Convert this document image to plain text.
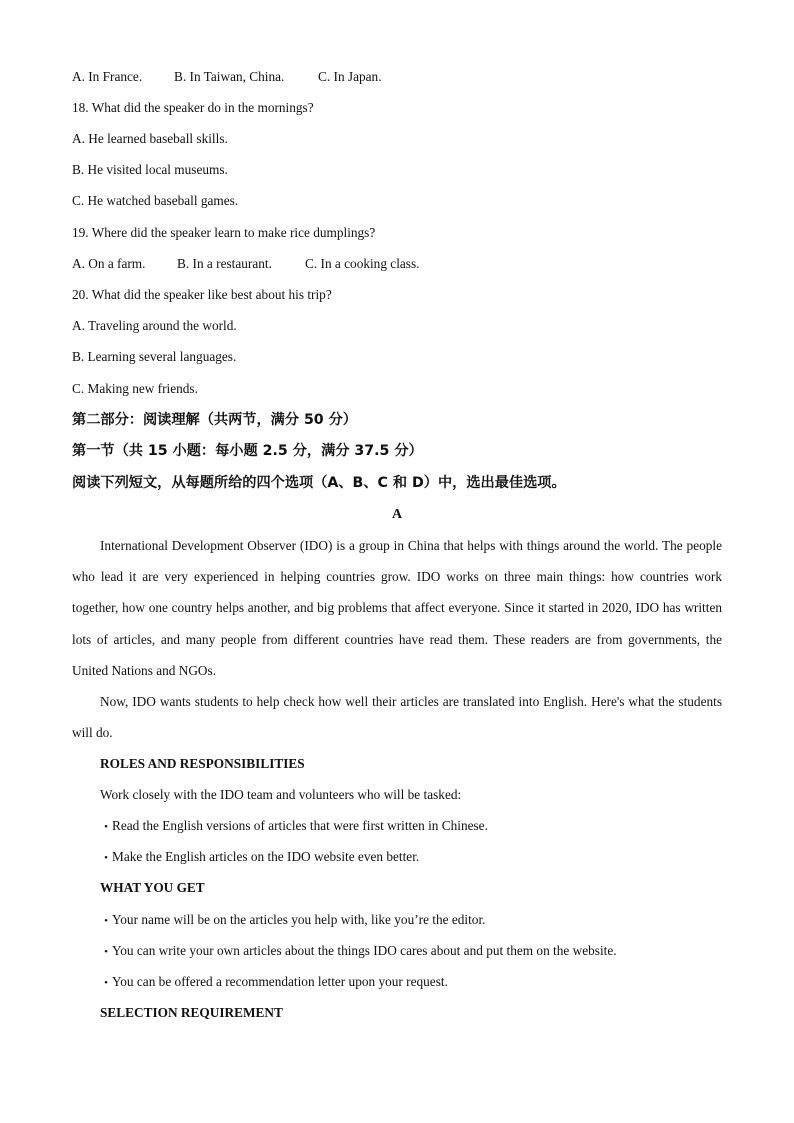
A. In France. B. In Taiwan, China.	C. In Japan.
18. What did the speaker do in the mornings?
A. He learned baseball skills.
B. He visited local museums.
C. He watched baseball games.
19. Where did the speaker learn to make rice dumplings?
A. On a farm. B. In a restaurant. C. In a cooking class.
20. What did the speaker like best about his trip?
A. Traveling around the world.
B. Learning several languages.
C. Making new friends.
第二部分：阅读理解（共两节，满分 50 分）
第一节（共 15 小题：每小题 2.5 分，满分 37.5 分）
阅读下列短文，从每题所给的四个选项（A、B、C 和 D）中，选出最佳选项。
A
International Development Observer (IDO) is a group in China that helps with things around the world. The people who lead it are very experienced in helping countries grow. IDO works on three main things: how countries work together, how one country helps another, and big problems that affect everyone. Since it started in 2020, IDO has written lots of articles, and many people from different countries have read them. These readers are from governments, the United Nations and NGOs.
Now, IDO wants students to help check how well their articles are translated into English. Here's what the students will do.
ROLES AND RESPONSIBILITIES
Work closely with the IDO team and volunteers who will be tasked:
• Read the English versions of articles that were first written in Chinese.
• Make the English articles on the IDO website even better.
WHAT YOU GET
• Your name will be on the articles you help with, like you’re the editor.
• You can write your own articles about the things IDO cares about and put them on the website.
• You can be offered a recommendation letter upon your request.
SELECTION REQUIREMENT
